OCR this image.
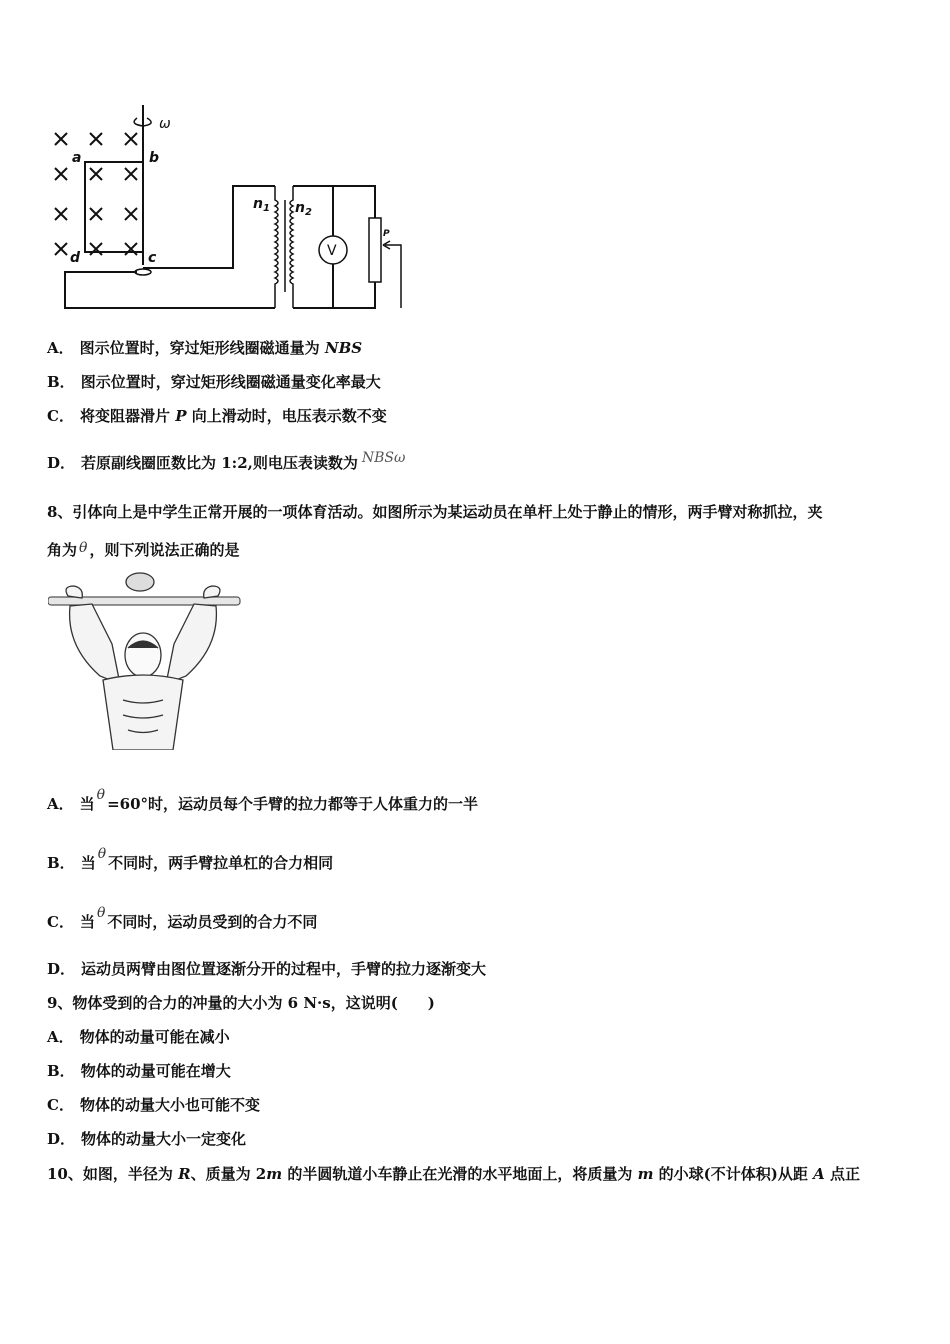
a	b
d	c
ω
$n_1$ $n_2$
V
P
A． 图示位置时，穿过矩形线圈磁通量为 NBS
B． 图示位置时，穿过矩形线圈磁通量变化率最大
C． 将变阻器滑片 P 向上滑动时，电压表示数不变
D． 若原副线圈匝数比为 1:2,则电压表读数为 NBSω
8、引体向上是中学生正常开展的一项体育活动。如图所示为某运动员在单杆上处于静止的情形，两手臂对称抓拉，夹
角为 θ ，则下列说法正确的是
A． 当 θ =60°时，运动员每个手臂的拉力都等于人体重力的一半
B． 当 θ 不同时，两手臂拉单杠的合力相同
C． 当 θ 不同时，运动员受到的合力不同
D． 运动员两臂由图位置逐渐分开的过程中，手臂的拉力逐渐变大
9、物体受到的合力的冲量的大小为 6 N·s，这说明(　　)
A． 物体的动量可能在减小
B． 物体的动量可能在增大
C． 物体的动量大小也可能不变
D． 物体的动量大小一定变化
10、如图，半径为 R、质量为 2m 的半圆轨道小车静止在光滑的水平地面上，将质量为 m 的小球(不计体积)从距 A 点正
